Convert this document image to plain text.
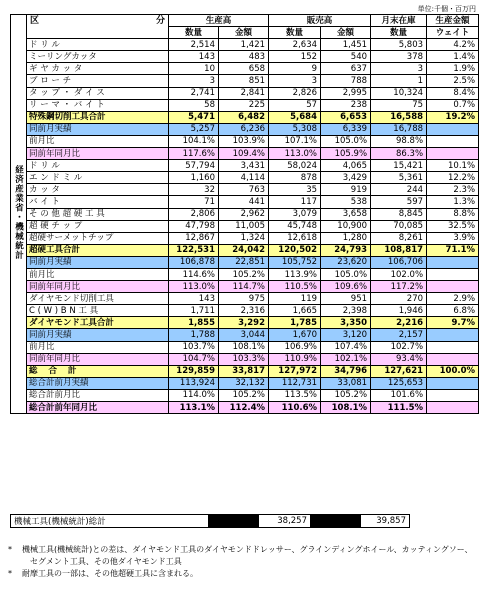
単位:千個・百万円
経済産業省・機械統計	区 分	生産高		販売高		月末在庫	生産金額
		数量	金額	数量	金額	数量	ウェイト
	ド リ ル	2,514	1,421	2,634	1,451	5,803	4.2%
	ミーリングカッタ	143	483	152	540	378	1.4%
	ギ ヤ カ ッ タ	10	658	9	637	3	1.9%
	ブ ロ ー チ	3	851	3	788	1	2.5%
	タ ッ プ ・ ダ イ ス	2,741	2,841	2,826	2,995	10,324	8.4%
	リ ー マ ・ バ イ ト	58	225	57	238	75	0.7%
	特殊鋼切削工具合計	5,471	6,482	5,684	6,653	16,588	19.2%
	同前月実績	5,257	6,236	5,308	6,339	16,788	
	前月比	104.1%	103.9%	107.1%	105.0%	98.8%	
	同前年同月比	117.6%	109.4%	113.0%	105.9%	86.3%	
	ド リ ル	57,794	3,431	58,024	4,065	15,421	10.1%
	エ ン ド ミ ル	1,160	4,114	878	3,429	5,361	12.2%
	カ ッ タ	32	763	35	919	244	2.3%
	バ イ ト	71	441	117	538	597	1.3%
	そ の 他 超 硬 工 具	2,806	2,962	3,079	3,658	8,845	8.8%
	超 硬 チ ッ プ	47,798	11,005	45,748	10,900	70,085	32.5%
	超硬サーメットチップ	12,867	1,324	12,618	1,280	8,261	3.9%
	超硬工具合計	122,531	24,042	120,502	24,793	108,817	71.1%
	同前月実績	106,878	22,851	105,752	23,620	106,706	
	前月比	114.6%	105.2%	113.9%	105.0%	102.0%	
	同前年同月比	113.0%	114.7%	110.5%	109.6%	117.2%	
	ダイヤモンド切削工具	143	975	119	951	270	2.9%
	C ( W ) B N 工 具	1,711	2,316	1,665	2,398	1,946	6.8%
	ダイヤモンド工具合計	1,855	3,292	1,785	3,350	2,216	9.7%
	同前月実績	1,788	3,044	1,670	3,120	2,157	
	前月比	103.7%	108.1%	106.9%	107.4%	102.7%	
	同前年同月比	104.7%	103.3%	110.9%	102.1%	93.4%	
	総 合 計	129,859	33,817	127,972	34,796	127,621	100.0%
	総合計前月実績	113,924	32,132	112,731	33,081	125,653	
	総合計前月比	114.0%	105.2%	113.5%	105.2%	101.6%	
	総合計前年同月比	113.1%	112.4%	110.6%	108.1%	111.5%	
機械工具(機械統計)総計		38,257		39,857

* 機械工具(機械統計)との差は、ダイヤモンド工具のダイヤモンドドレッサー、グラインディングホイール、カッティングソー、

セグメント工具、その他ダイヤモンド工具

* 耐摩工具の一部は、その他超硬工具に含まれる。
